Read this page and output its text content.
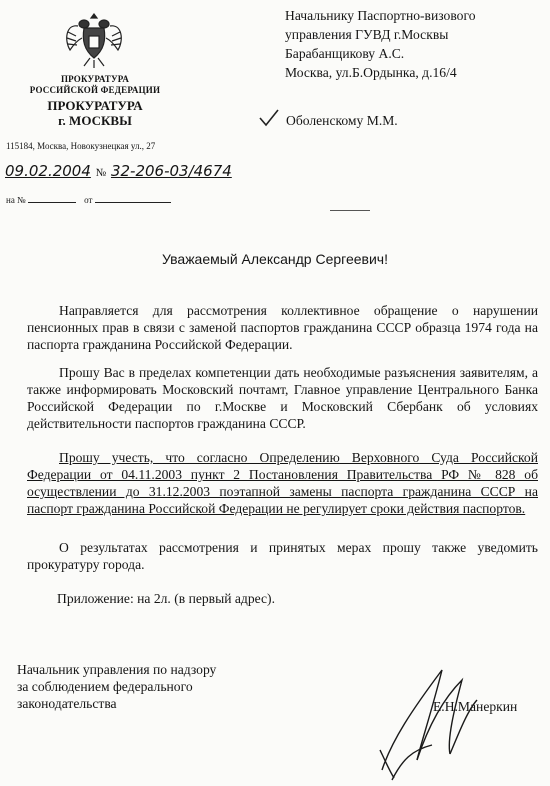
ПРОКУРАТУРА
РОССИЙСКОЙ ФЕДЕРАЦИИ
ПРОКУРАТУРА
г. МОСКВЫ
115184, Москва, Новокузнецкая ул., 27
Начальнику Паспортно-визового
управления ГУВД г.Москвы
Барабанщикову А.С.
Москва, ул.Б.Ордынка, д.16/4
Оболенскому М.М.
09.02.2004 № 32-206-03/4674
на №	от
Уважаемый Александр Сергеевич!
Направляется для рассмотрения коллективное обращение о нарушении пенсионных прав в связи с заменой паспортов гражданина СССР образца 1974 года на паспорта гражданина Российской Федерации.
Прошу Вас в пределах компетенции дать необходимые разъяснения заявителям, а также информировать Московский почтамт, Главное управление Центрального Банка Российской Федерации по г.Москве и Московский Сбербанк об условиях действительности паспортов гражданина СССР.
Прошу учесть, что согласно Определению Верховного Суда Российской Федерации от 04.11.2003 пункт 2 Постановления Правительства РФ № 828 об осуществлении до 31.12.2003 поэтапной замены паспорта гражданина СССР на паспорт гражданина Российской Федерации не регулирует сроки действия паспортов.
О результатах рассмотрения и принятых мерах прошу также уведомить прокуратуру города.
Приложение: на 2л. (в первый адрес).
Начальник управления по надзору
за соблюдением федерального
законодательства	Е.Н.Манеркин
